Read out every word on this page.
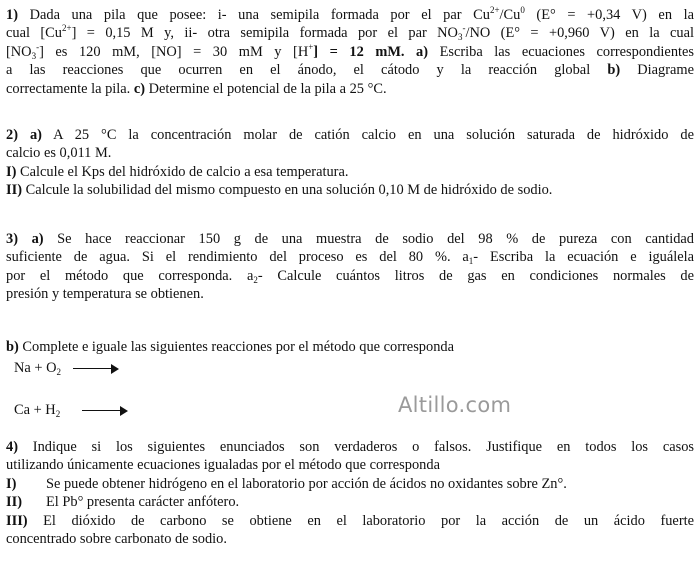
1) Dada una pila que posee: i- una semipila formada por el par $Cu^{2+}/Cu^0$ (E° = +0,34 V) en la
cual $[Cu^{2+}] = 0,15$ M y, ii- otra semipila formada por el par $NO_3^-/NO$ (E° = +0,960 V) en la cual
$[NO_3^-]$ es 120 mM, [NO] = 30 mM y [H+] = 12 mM. a) Escriba las ecuaciones correspondientes
a las reacciones que ocurren en el ánodo, el cátodo y la reacción global b) Diagrame
correctamente la pila. c) Determine el potencial de la pila a 25 °C.
2) a) A 25 °C la concentración molar de catión calcio en una solución saturada de hidróxido de
calcio es 0,011 M.
I) Calcule el Kps del hidróxido de calcio a esa temperatura.
II) Calcule la solubilidad del mismo compuesto en una solución 0,10 M de hidróxido de sodio.
3) a) Se hace reaccionar 150 g de una muestra de sodio del 98 % de pureza con cantidad
suficiente de agua. Si el rendimiento del proceso es del 80 %. $a_1-$ Escriba la ecuación e iguálela
por el método que corresponda. $a_2-$ Calcule cuántos litros de gas en condiciones normales de
presión y temperatura se obtienen.
b) Complete e iguale las siguientes reacciones por el método que corresponda
$Na + O_2$
$Ca + H_2$	Altillo.com
4) Indique si los siguientes enunciados son verdaderos o falsos. Justifique en todos los casos
utilizando únicamente ecuaciones igualadas por el método que corresponda
I) Se puede obtener hidrógeno en el laboratorio por acción de ácidos no oxidantes sobre Zn°.
II) El Pb° presenta carácter anfótero.
III) El dióxido de carbono se obtiene en el laboratorio por la acción de un ácido fuerte
concentrado sobre carbonato de sodio.
